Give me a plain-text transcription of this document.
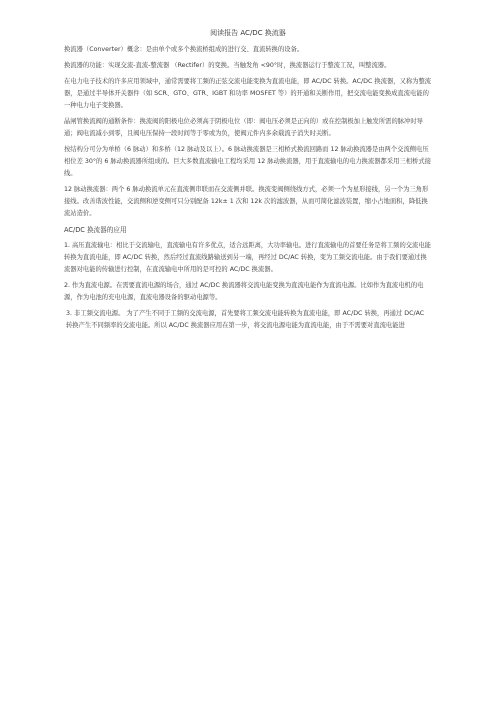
阅读报告 AC/DC 换流器

换流器（Converter）概念：是由单个或多个换流桥组成的进行交、直流转换的设备。

换流器的功能：实现交流-直流-整流器 （Rectifer）的变换。当触发角 <90°时，换流器运行于整流工况，叫整流器。

在电力电子技术的许多应用领域中，通常需要将工频的正弦交流电能变换为直流电能，即 AC/DC 转换。AC/DC 换流器，又称为整流器，是通过半导体开关器件（如 SCR、GTO、GTR、IGBT 和功率 MOSFET 等）的开通和关断作用，把交流电能变换成直流电能的一种电力电子变换器。

晶闸管换流阀的通断条件：换流阀的阳极电位必须高于阴极电位（即：阀电压必须是正向的）或在控制极加上触发所需的脉冲时导通；阀电流减小到零，且阀电压保持一段时间等于零或为负，使阀元件内多余载流子消失时关断。

按结构分可分为单桥（6 脉动）和多桥（12 脉动及以上）。6 脉动换流器是三相桥式换流回路而 12 脉动换流器是由两个交流侧电压相位差 30°的 6 脉动换流器所组成的。巨大多数直流输电工程均采用 12 脉动换流器，用于直流输电的电力换流器都采用三相桥式接线。

12 脉动换流器：两个 6 脉动换流单元在直流侧串联而在交流侧并联。换流变阀侧绕线方式，必须一个为星形接线，另一个为三角形接线。改善谐波性能，交流侧和逆变侧可只分别配备 12k± 1 次和 12k 次的滤波器，从而可简化滤波装置，缩小占地面积，降低换流站造价。

AC/DC 换流器的应用

1. 高压直流输电：相比于交流输电，直流输电有许多优点，适合远距离，大功率输电。进行直流输电的首要任务是将工频的交流电能转换为直流电能，即 AC/DC 转换，然后经过直流线路输送到另一端，再经过 DC/AC 转换，变为工频交流电能。由于我们要通过换流器对电能的传输进行控制，在直流输电中所用的是可控的 AC/DC 换流器。

2. 作为直流电源。在需要直流电源的场合，通过 AC/DC 换流器将交流电能变换为直流电能作为直流电源。比如作为直流电机的电源，作为电池的充电电源，直流电器设备的驱动电源等。

3. 非工频交流电源。 为了产生不同于工频的交流电源，首先要将工频交流电能转换为直流电能，即 AC/DC 转换，再通过 DC/AC 转换产生不同频率的交流电能。所以 AC/DC 换流器应用在第一步，将交流电源电能为直流电能，由于不需要对直流电能进
